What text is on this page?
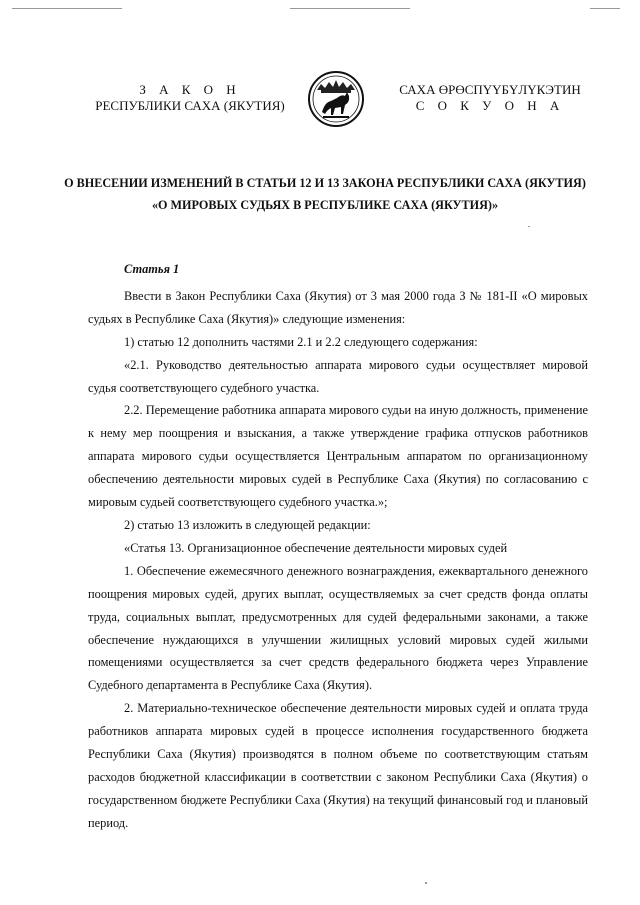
З А К О Н
РЕСПУБЛИКИ САХА (ЯКУТИЯ)
САХА ӨРӨСПҮҮБҮЛҮКЭТИН
С О К У О Н А
О ВНЕСЕНИИ ИЗМЕНЕНИЙ В СТАТЬИ 12 И 13 ЗАКОНА РЕСПУБЛИКИ САХА (ЯКУТИЯ)
«О МИРОВЫХ СУДЬЯХ В РЕСПУБЛИКЕ САХА (ЯКУТИЯ)»
Статья 1

Ввести в Закон Республики Саха (Якутия) от 3 мая 2000 года З № 181-II «О мировых судьях в Республике Саха (Якутия)» следующие изменения:

1) статью 12 дополнить частями 2.1 и 2.2 следующего содержания:

«2.1. Руководство деятельностью аппарата мирового судьи осуществляет мировой судья соответствующего судебного участка.

2.2. Перемещение работника аппарата мирового судьи на иную должность, применение к нему мер поощрения и взыскания, а также утверждение графика отпусков работников аппарата мирового судьи осуществляется Центральным аппаратом по организационному обеспечению деятельности мировых судей в Республике Саха (Якутия) по согласованию с мировым судьей соответствующего судебного участка.»;

2) статью 13 изложить в следующей редакции:

«Статья 13. Организационное обеспечение деятельности мировых судей

1. Обеспечение ежемесячного денежного вознаграждения, ежеквартального денежного поощрения мировых судей, других выплат, осуществляемых за счет средств фонда оплаты труда, социальных выплат, предусмотренных для судей федеральными законами, а также обеспечение нуждающихся в улучшении жилищных условий мировых судей жилыми помещениями осуществляется за счет средств федерального бюджета через Управление Судебного департамента в Республике Саха (Якутия).

2. Материально-техническое обеспечение деятельности мировых судей и оплата труда работников аппарата мировых судей в процессе исполнения государственного бюджета Республики Саха (Якутия) производятся в полном объеме по соответствующим статьям расходов бюджетной классификации в соответствии с законом Республики Саха (Якутия) о государственном бюджете Республики Саха (Якутия) на текущий финансовый год и плановый период.
